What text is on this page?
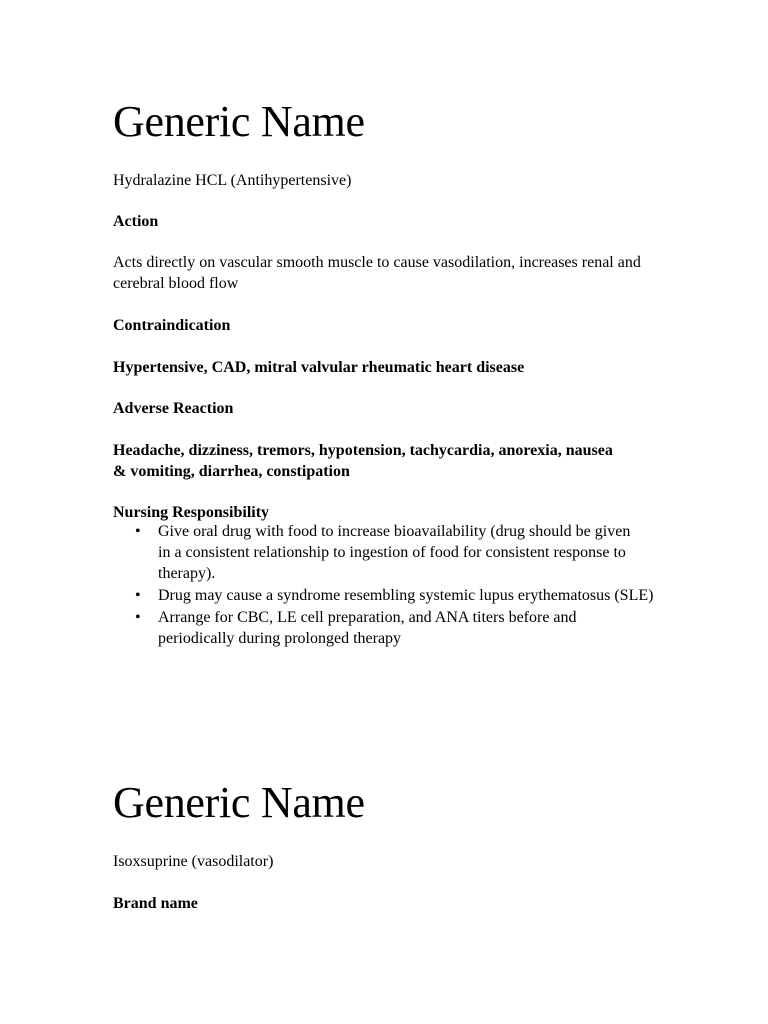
Generic Name

Hydralazine HCL (Antihypertensive)

Action

Acts directly on vascular smooth muscle to cause vasodilation, increases renal and cerebral blood flow

Contraindication

Hypertensive, CAD, mitral valvular rheumatic heart disease

Adverse Reaction

Headache, dizziness, tremors, hypotension, tachycardia, anorexia, nausea & vomiting, diarrhea, constipation

Nursing Responsibility

• Give oral drug with food to increase bioavailability (drug should be given in a consistent relationship to ingestion of food for consistent response to therapy).
• Drug may cause a syndrome resembling systemic lupus erythematosus (SLE)
• Arrange for CBC, LE cell preparation, and ANA titers before and periodically during prolonged therapy
Generic Name

Isoxsuprine (vasodilator)

Brand name
